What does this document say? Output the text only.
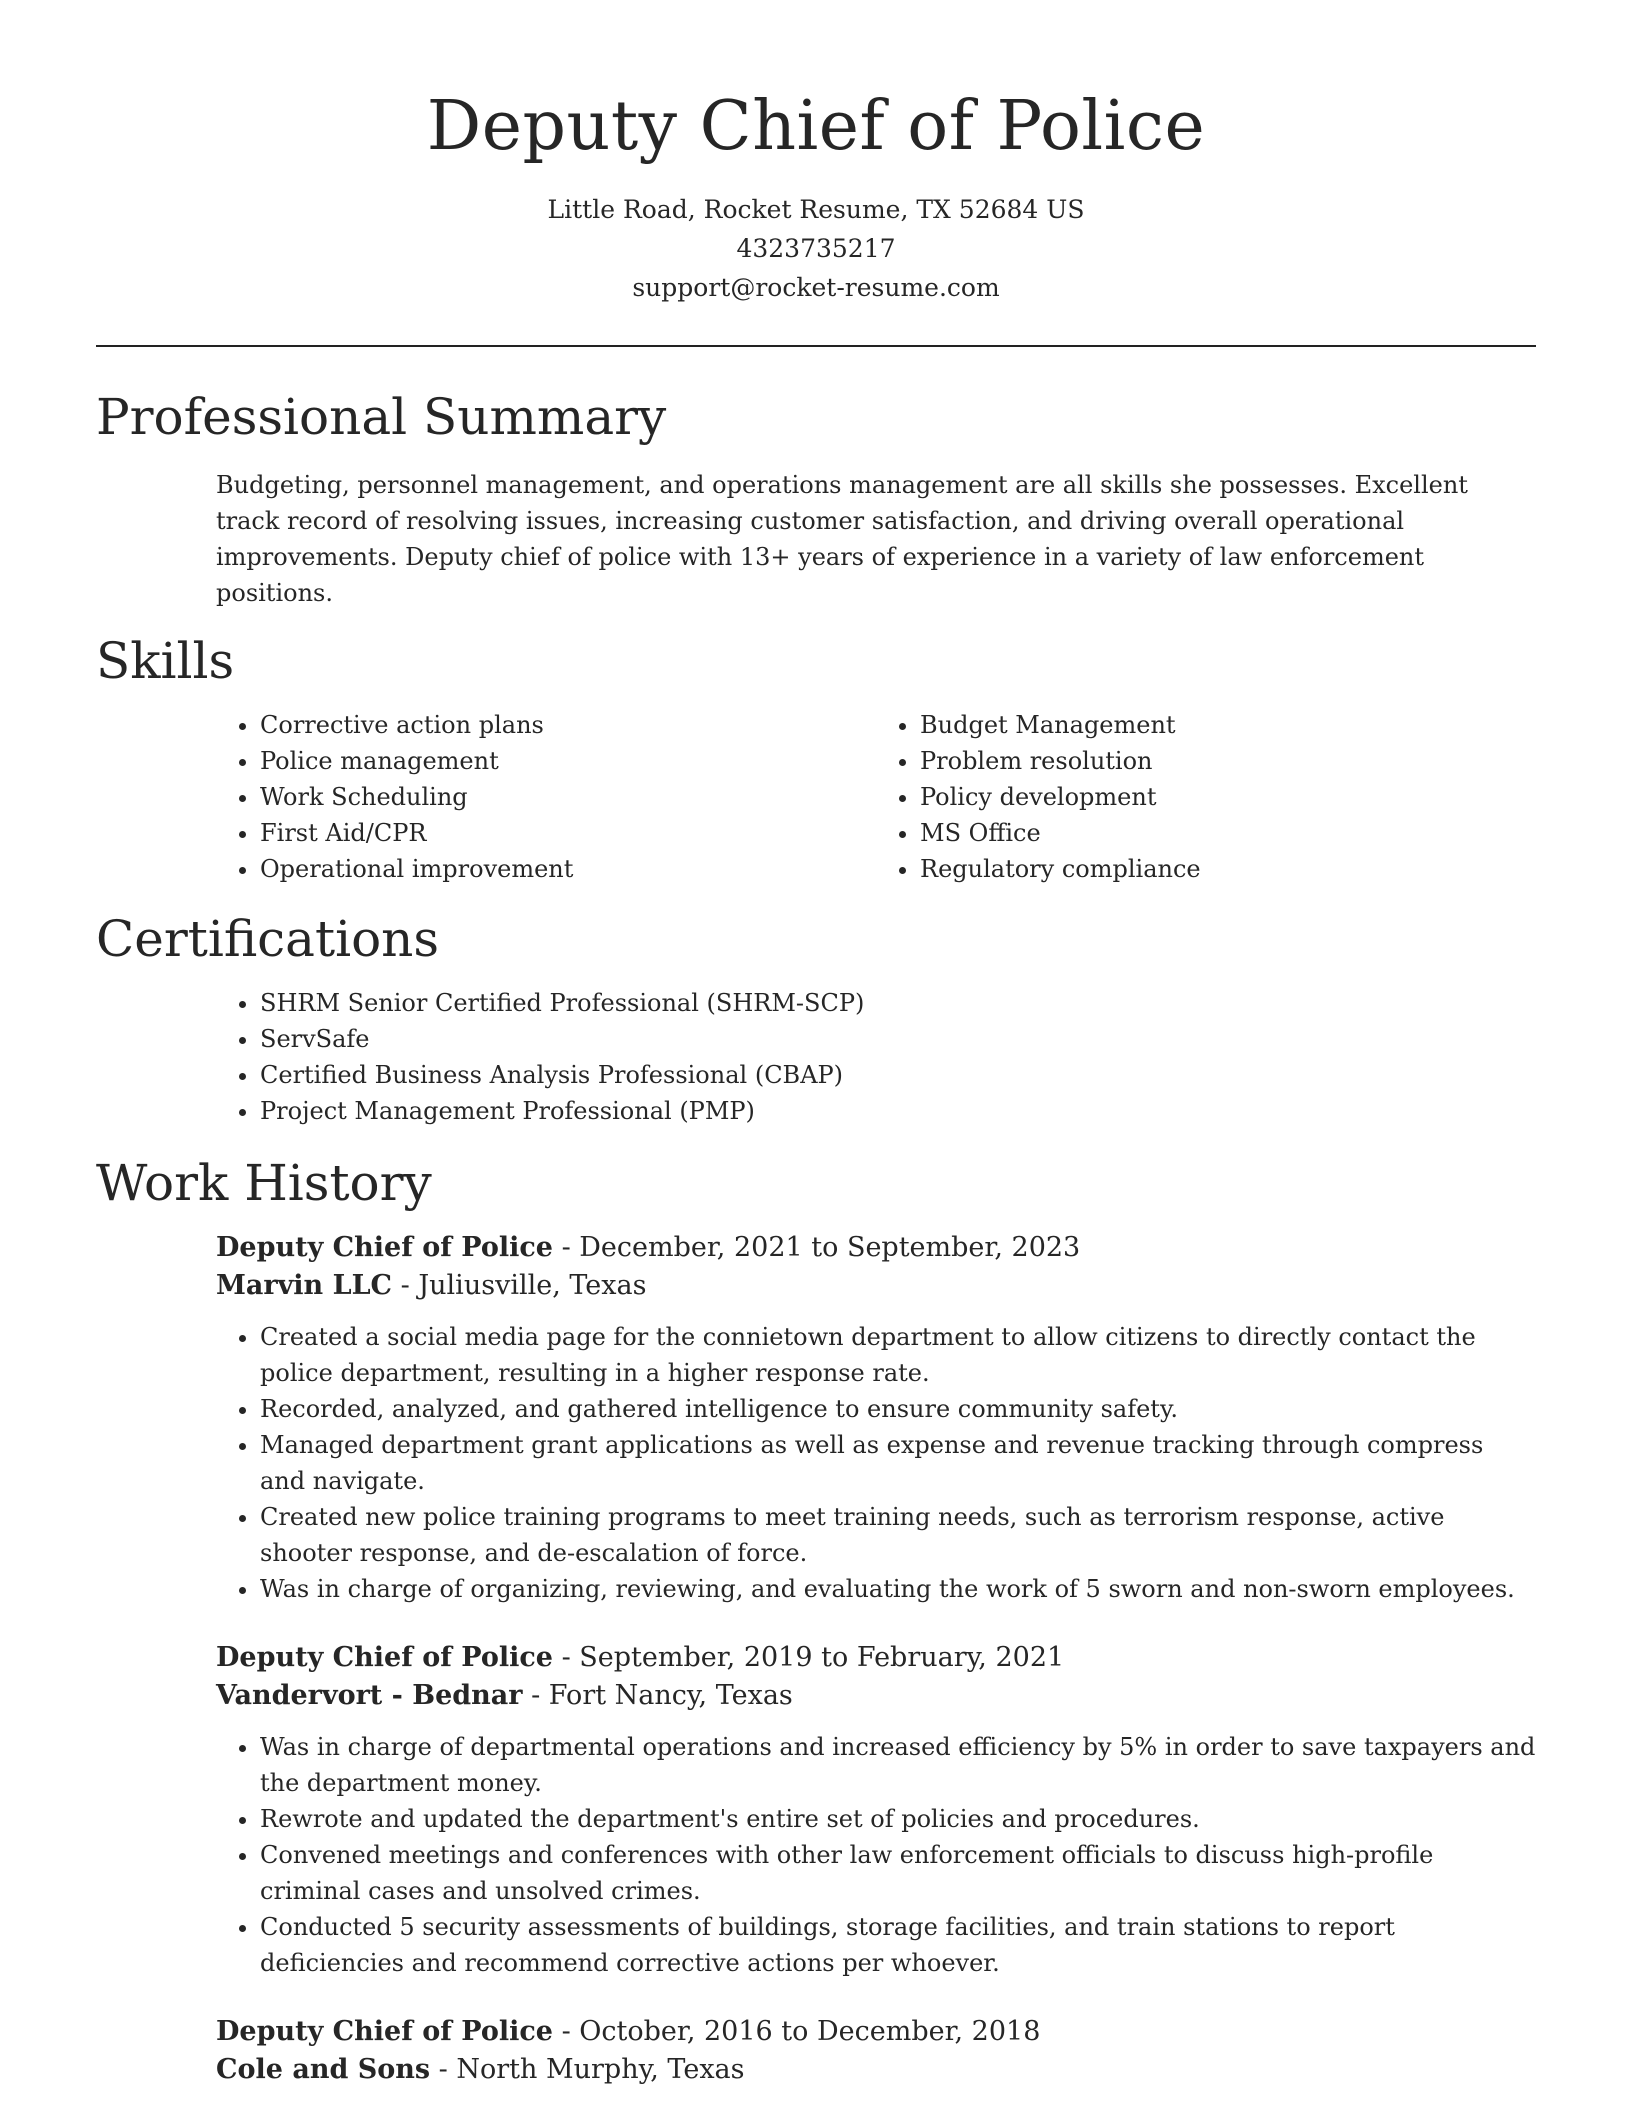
Deputy Chief of Police
Little Road, Rocket Resume, TX 52684 US
4323735217
support@rocket-resume.com
Professional Summary
Budgeting, personnel management, and operations management are all skills she possesses. Excellent track record of resolving issues, increasing customer satisfaction, and driving overall operational improvements. Deputy chief of police with 13+ years of experience in a variety of law enforcement positions.
Skills
• Corrective action plans
• Police management
• Work Scheduling
• First Aid/CPR
• Operational improvement
• Budget Management
• Problem resolution
• Policy development
• MS Office
• Regulatory compliance
Certifications
• SHRM Senior Certified Professional (SHRM-SCP)
• ServSafe
• Certified Business Analysis Professional (CBAP)
• Project Management Professional (PMP)
Work History
Deputy Chief of Police - December, 2021 to September, 2023
Marvin LLC - Juliusville, Texas
• Created a social media page for the connietown department to allow citizens to directly contact the police department, resulting in a higher response rate.
• Recorded, analyzed, and gathered intelligence to ensure community safety.
• Managed department grant applications as well as expense and revenue tracking through compress and navigate.
• Created new police training programs to meet training needs, such as terrorism response, active shooter response, and de-escalation of force.
• Was in charge of organizing, reviewing, and evaluating the work of 5 sworn and non-sworn employees.
Deputy Chief of Police - September, 2019 to February, 2021
Vandervort - Bednar - Fort Nancy, Texas
• Was in charge of departmental operations and increased efficiency by 5% in order to save taxpayers and the department money.
• Rewrote and updated the department's entire set of policies and procedures.
• Convened meetings and conferences with other law enforcement officials to discuss high-profile criminal cases and unsolved crimes.
• Conducted 5 security assessments of buildings, storage facilities, and train stations to report deficiencies and recommend corrective actions per whoever.
Deputy Chief of Police - October, 2016 to December, 2018
Cole and Sons - North Murphy, Texas
